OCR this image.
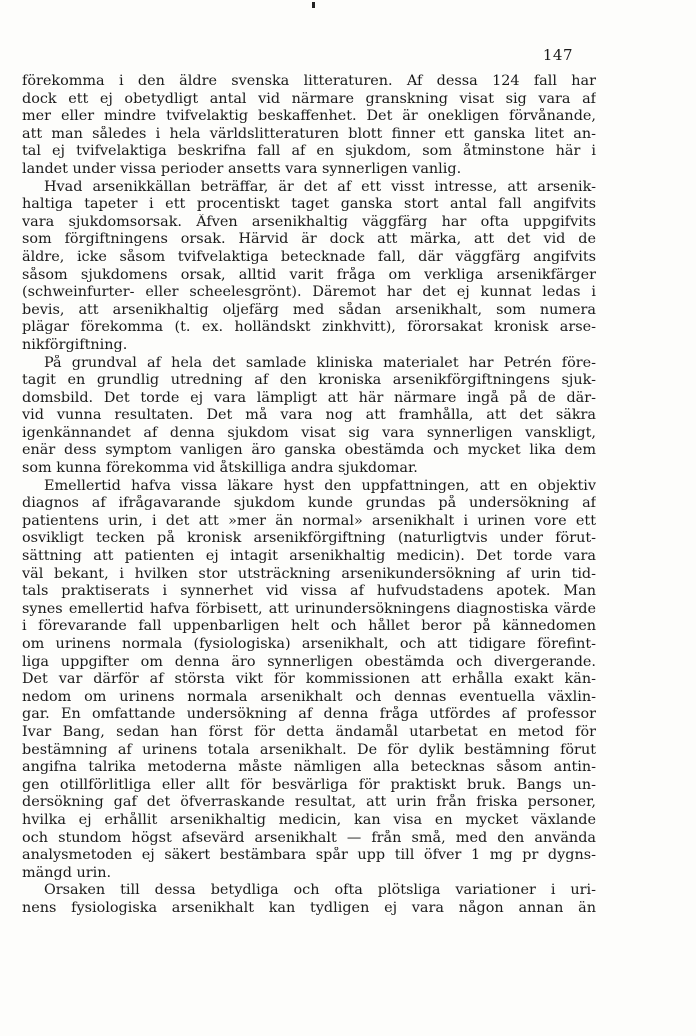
147
förekomma i den äldre svenska litteraturen. Af dessa 124 fall har
dock ett ej obetydligt antal vid närmare granskning visat sig vara af
mer eller mindre tvifvelaktig beskaffenhet. Det är onekligen förvånande,
att man således i hela världslitteraturen blott finner ett ganska litet an-
tal ej tvifvelaktiga beskrifna fall af en sjukdom, som åtminstone här i
landet under vissa perioder ansetts vara synnerligen vanlig.
Hvad arsenikkällan beträffar, är det af ett visst intresse, att arsenik-
haltiga tapeter i ett procentiskt taget ganska stort antal fall angifvits
vara sjukdomsorsak. Äfven arsenikhaltig väggfärg har ofta uppgifvits
som förgiftningens orsak. Härvid är dock att märka, att det vid de
äldre, icke såsom tvifvelaktiga betecknade fall, där väggfärg angifvits
såsom sjukdomens orsak, alltid varit fråga om verkliga arsenikfärger
(schweinfurter- eller scheelesgrönt). Däremot har det ej kunnat ledas i
bevis, att arsenikhaltig oljefärg med sådan arsenikhalt, som numera
plägar förekomma (t. ex. holländskt zinkhvitt), förorsakat kronisk arse-
nikförgiftning.
På grundval af hela det samlade kliniska materialet har Petrén före-
tagit en grundlig utredning af den kroniska arsenikförgiftningens sjuk-
domsbild. Det torde ej vara lämpligt att här närmare ingå på de där-
vid vunna resultaten. Det må vara nog att framhålla, att det säkra
igenkännandet af denna sjukdom visat sig vara synnerligen vanskligt,
enär dess symptom vanligen äro ganska obestämda och mycket lika dem
som kunna förekomma vid åtskilliga andra sjukdomar.
Emellertid hafva vissa läkare hyst den uppfattningen, att en objektiv
diagnos af ifrågavarande sjukdom kunde grundas på undersökning af
patientens urin, i det att »mer än normal» arsenikhalt i urinen vore ett
osvikligt tecken på kronisk arsenikförgiftning (naturligtvis under förut-
sättning att patienten ej intagit arsenikhaltig medicin). Det torde vara
väl bekant, i hvilken stor utsträckning arsenikundersökning af urin tid-
tals praktiserats i synnerhet vid vissa af hufvudstadens apotek. Man
synes emellertid hafva förbisett, att urinundersökningens diagnostiska värde
i förevarande fall uppenbarligen helt och hållet beror på kännedomen
om urinens normala (fysiologiska) arsenikhalt, och att tidigare förefint-
liga uppgifter om denna äro synnerligen obestämda och divergerande.
Det var därför af största vikt för kommissionen att erhålla exakt kän-
nedom om urinens normala arsenikhalt och dennas eventuella växlin-
gar. En omfattande undersökning af denna fråga utfördes af professor
Ivar Bang, sedan han först för detta ändamål utarbetat en metod för
bestämning af urinens totala arsenikhalt. De för dylik bestämning förut
angifna talrika metoderna måste nämligen alla betecknas såsom antin-
gen otillförlitliga eller allt för besvärliga för praktiskt bruk. Bangs un-
dersökning gaf det öfverraskande resultat, att urin från friska personer,
hvilka ej erhållit arsenikhaltig medicin, kan visa en mycket växlande
och stundom högst afsevärd arsenikhalt — från små, med den använda
analysmetoden ej säkert bestämbara spår upp till öfver 1 mg pr dygns-
mängd urin.
Orsaken till dessa betydliga och ofta plötsliga variationer i uri-
nens fysiologiska arsenikhalt kan tydligen ej vara någon annan än
